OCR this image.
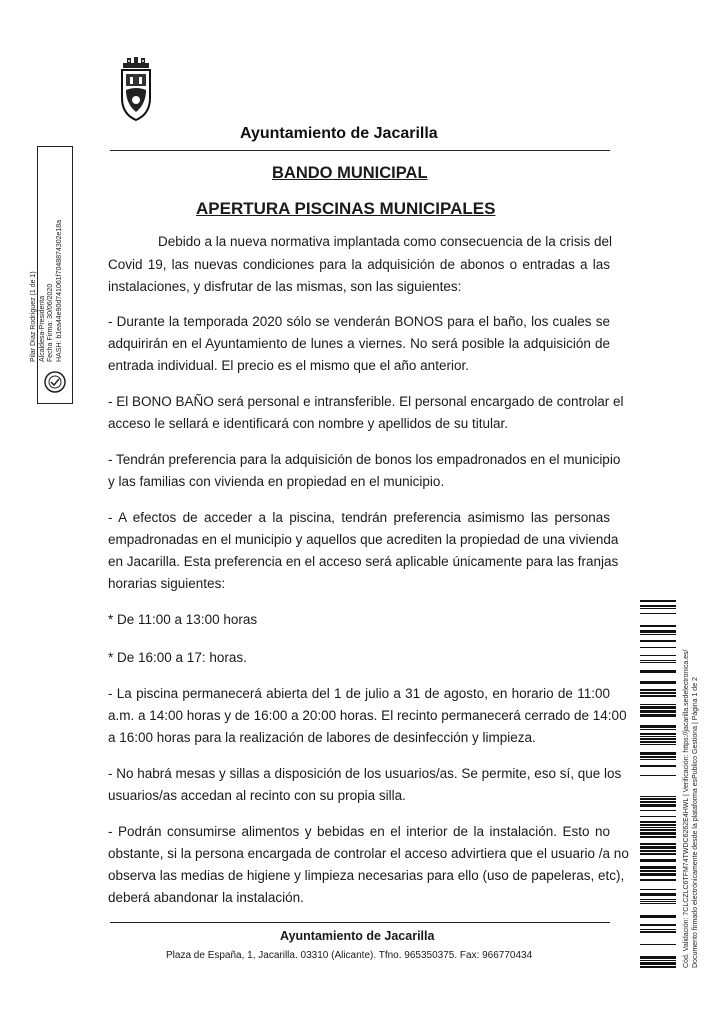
Ayuntamiento de Jacarilla
BANDO MUNICIPAL
APERTURA PISCINAS MUNICIPALES
Debido a la nueva normativa implantada como consecuencia de la crisis del
Covid 19, las nuevas condiciones para la adquisición de abonos o entradas a las
instalaciones, y disfrutar de las mismas, son las siguientes:
- Durante la temporada 2020 sólo se venderán BONOS para el baño, los cuales se
adquirirán en el Ayuntamiento de lunes a viernes. No será posible la adquisición de
entrada individual. El precio es el mismo que el año anterior.
- El BONO BAÑO será personal e intransferible. El personal encargado de controlar el
acceso le sellará e identificará con nombre y apellidos de su titular.
- Tendrán preferencia para la adquisición de bonos los empadronados en el municipio
y las familias con vivienda en propiedad en el municipio.
- A efectos de acceder a la piscina, tendrán preferencia asimismo las personas
empadronadas en el municipio y aquellos que acrediten la propiedad de una vivienda
en Jacarilla. Esta preferencia en el acceso será aplicable únicamente para las franjas
horarias siguientes:
* De 11:00 a 13:00 horas
* De 16:00 a 17: horas.
- La piscina permanecerá abierta del 1 de julio a 31 de agosto, en horario de 11:00
a.m. a 14:00 horas y de 16:00 a 20:00 horas. El recinto permanecerá cerrado de 14:00
a 16:00 horas para la realización de labores de desinfección y limpieza.
- No habrá mesas y sillas a disposición de los usuarios/as. Se permite, eso sí, que los
usuarios/as accedan al recinto con su propia silla.
- Podrán consumirse alimentos y bebidas en el interior de la instalación. Esto no
obstante, si la persona encargada de controlar el acceso advirtiera que el usuario /a no
observa las medias de higiene y limpieza necesarias para ello (uso de papeleras, etc),
deberá abandonar la instalación.
Pilar Díaz Rodríguez (1 de 1) Alcaldesa-Presidenta Fecha Firma: 30/06/2020 HASH: b1ea44e90d741061f7048874302e18a
Cód. Validación: 7CLCZLC6TFM74TWDC6262E4HWL | Verificación: https://jacarilla.sedelectronica.es/ Documento firmado electrónicamente desde la plataforma esPublico Gestiona | Página 1 de 2
Ayuntamiento de Jacarilla
Plaza de España, 1, Jacarilla. 03310 (Alicante). Tfno. 965350375. Fax: 966770434
